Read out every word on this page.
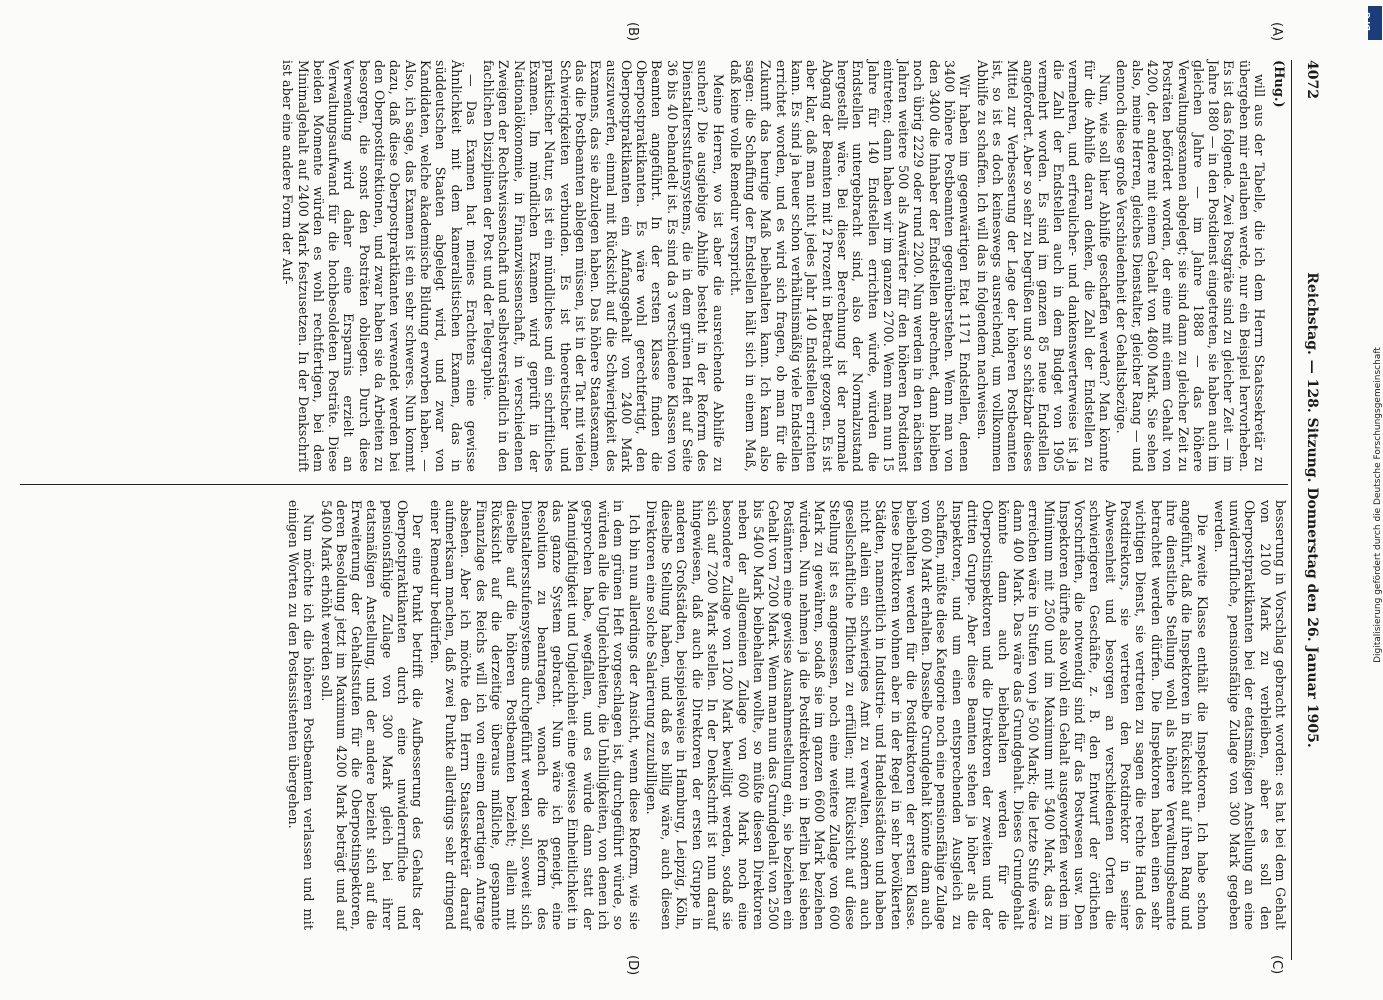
4072
Reichstag. — 128. Sitzung. Donnerstag den 26. Januar 1905.
(A)
(B)
(C)
(D)
(Hug.)

will aus der Tabelle, die ich dem Herrn Staatssekretär zu übergeben mir erlauben werde, nur ein Beispiel hervorheben. Es ist das folgende. Zwei Postgräte sind zu gleicher Zeit — im Jahre 1880 — in den Postdienst eingetreten, sie haben auch im gleichen Jahre — im Jahre 1888 — das höhere Verwaltungsexamen abgelegt; sie sind dann zu gleicher Zeit zu Posträten befördert worden, der eine mit einem Gehalt von 4200, der andere mit einem Gehalt von 4800 Mark. Sie sehen also, meine Herren, gleiches Dienstalter, gleicher Rang — und dennoch diese große Verschiedenheit der Gehaltsbezüge.

Nun, wie soll hier Abhilfe geschaffen werden? Man könnte für die Abhilfe daran denken, die Zahl der Endstellen zu vermehren, und erfreulicher- und dankenswerterweise ist ja die Zahl der Endstellen auch in dem Budget von 1905 vermehrt worden. Es sind im ganzen 85 neue Endstellen angefordert. Aber so sehr zu begrüßen und so schätzbar dieses Mittel zur Verbesserung der Lage der höheren Postbeamten ist, so ist es doch keineswegs ausreichend, um vollkommen Abhilfe zu schaffen. Ich will das in folgendem nachweisen.

Wir haben im gegenwärtigen Etat 1171 Endstellen, denen 3400 höhere Postbeamten gegenüberstehen. Wenn man von den 3400 die Inhaber der Endstellen abrechnet, dann bleiben noch übrig 2229 oder rund 2200. Nun werden in den nächsten Jahren weitere 500 als Anwärter für den höheren Postdienst eintreten; dann haben wir im ganzen 2700. Wenn man nun 15 Jahre für 140 Endstellen errichten würde, würden die Endstellen untergebracht sind, also der Normalzustand hergestellt wäre. Bei dieser Berechnung ist der normale Abgang der Beamten mit 2 Prozent in Betracht gezogen. Es ist aber klar, daß man nicht jedes Jahr 140 Endstellen errichten kann. Es sind ja heuer schon verhältnismäßig viele Endstellen errichtet worden, und es wird sich fragen, ob man für die Zukunft das heurige Maß beibehalten kann. Ich kann also sagen: die Schaffung der Endstellen hält sich in einem Maß, daß keine volle Remedur verspricht.

Meine Herren, wo ist aber die ausreichende Abhilfe zu suchen? Die ausgiebige Abhilfe besteht in der Reform des Dienstaltersstufensystems, die in dem grünen Heft auf Seite 36 bis 40 behandelt ist. Es sind da 3 verschiedene Klassen von Beamten angeführt. In der ersten Klasse finden die Oberpostpraktikanten. Es wäre wohl gerechtfertigt, den Oberpostpraktikanten ein Anfangsgehalt von 2400 Mark auszuwerfen, einmal mit Rücksicht auf die Schwierigkeit des Examens, das sie abzulegen haben. Das höhere Staatsexamen, das die Postbeamten ablegen müssen, ist in der Tat mit vielen Schwierigkeiten verbunden. Es ist theoretischer und praktischer Natur, es ist ein mündliches und ein schriftliches Examen. Im mündlichen Examen wird geprüft in der Nationalökonomie, in Finanzwissenschaft, in verschiedenen Zweigen der Rechtswissenschaft und selbstverständlich in den fachlichen Disziplinen der Post und der Telegraphie.

— Das Examen hat meines Erachtens eine gewisse Ähnlichkeit mit dem kameralistischen Examen, das in süddeutschen Staaten abgelegt wird, und zwar von Kandidaten, welche akademische Bildung erworben haben. — Also, ich sage, das Examen ist ein sehr schweres. Nun kommt dazu, daß diese Oberpostpraktikanten verwendet werden bei den Oberpostdirektionen, und zwar haben sie da Arbeiten zu besorgen, die sonst den Posträten obliegen. Durch diese Verwendung wird daher eine Ersparnis erzielt an Verwaltungsaufwand für die hochbesoldeten Posträte. Diese beiden Momente würden es wohl rechtfertigen, bei dem Minimalgehalt auf 2400 Mark festzusetzen. In der Denkschrift ist aber eine andere Form der Auf-

besserung in Vorschlag gebracht worden: es hat bei dem Gehalt von 2100 Mark zu verbleiben, aber es soll den Oberpostpraktikanten bei der etatsmäßigen Anstellung an eine unwiderrufliche, pensionsfähige Zulage von 300 Mark gegeben werden.

Die zweite Klasse enthält die Inspektoren. Ich habe schon angeführt, daß die Inspektoren in Rücksicht auf ihren Rang und ihre dienstliche Stellung wohl als höhere Verwaltungsbeamte betrachtet werden dürfen. Die Inspektoren haben einen sehr wichtigen Dienst, sie vertreten zu sagen die rechte Hand des Postdirektors, sie vertreten den Postdirektor in seiner Abwesenheit und besorgen an verschiedenen Orten die schwierigeren Geschäfte, z. B. den Entwurf der örtlichen Vorschriften, die notwendig sind für das Postwesen usw. Den Inspektoren dürfte also wohl ein Gehalt ausgeworfen werden im Minimum mit 2500 und im Maximum mit 5400 Mark, das zu erreichen wäre in Stufen von je 500 Mark; die letzte Stufe wäre dann 400 Mark. Das wäre das Grundgehalt. Dieses Grundgehalt könnte dann auch beibehalten werden für die Oberpostinspektoren und die Direktoren der zweiten und der dritten Gruppe. Aber diese Beamten stehen ja höher als die Inspektoren, und um einen entsprechenden Ausgleich zu schaffen, müßte diese Kategorie noch eine pensionsfähige Zulage von 600 Mark erhalten. Dasselbe Grundgehalt könnte dann auch beibehalten werden für die Postdirektoren der ersten Klasse. Diese Direktoren wohnen aber in der Regel in sehr bevölkerten Städten, namentlich in Industrie- und Handelsstädten und haben nicht allein ein schwieriges Amt zu verwalten, sondern auch gesellschaftliche Pflichten zu erfüllen; mit Rücksicht auf diese Stellung ist es angemessen, noch eine weitere Zulage von 600 Mark zu gewähren, sodaß sie im ganzen 6600 Mark beziehen würden. Nun nehmen ja die Postdirektoren in Berlin bei sieben Postämtern eine gewisse Ausnahmestellung ein, sie beziehen ein Gehalt von 7200 Mark. Wenn man nun das Grundgehalt von 2500 bis 5400 Mark beibehalten wollte, so müßte diesen Direktoren neben der allgemeinen Zulage von 600 Mark noch eine besondere Zulage von 1200 Mark bewilligt werden, sodaß sie sich auf 7200 Mark stellen. In der Denkschrift ist nun darauf hingewiesen, daß auch die Direktoren der ersten Gruppe in anderen Großstädten, beispielsweise in Hamburg, Leipzig, Köln, dieselbe Stellung haben, und daß es billig wäre, auch diesen Direktoren eine solche Salarierung zuzubilligen.

Ich bin nun allerdings der Ansicht, wenn diese Reform, wie sie in dem grünen Heft vorgeschlagen ist, durchgeführt würde, so würden alle die Ungleichheiten, die Unbilligkeiten, von denen ich gesprochen habe, wegfallen, und es würde dann statt der Mannigfaltigkeit und Ungleichheit eine gewisse Einheitlichkeit in das ganze System gebracht. Nun wäre ich geneigt, eine Resolution zu beantragen, wonach die Reform des Dienstaltersstufensystems durchgeführt werden soll, soweit sich dieselbe auf die höheren Postbeamten bezieht; allein mit Rücksicht auf die derzeitige überaus mißliche, gespannte Finanzlage des Reichs will ich von einem derartigen Antrage absehen. Aber ich möchte den Herrn Staatssekretär darauf aufmerksam machen, daß zwei Punkte allerdings sehr dringend einer Remedur bedürfen.

Der eine Punkt betrifft die Aufbesserung des Gehalts der Oberpostpraktikanten durch eine unwiderrufliche und pensionsfähige Zulage von 300 Mark gleich bei ihrer etatsmäßigen Anstellung, und der andere bezieht sich auf die Erweiterung der Gehaltsstufen für die Oberpostinspektoren, deren Besoldung jetzt im Maximum 4200 Mark beträgt und auf 5400 Mark erhöht werden soll.

Nun möchte ich die höheren Postbeamten verlassen und mit einigen Worten zu den Postassistenten übergehen.

DFG
Digitalisierung gefördert durch die Deutsche Forschungsgemeinschaft
